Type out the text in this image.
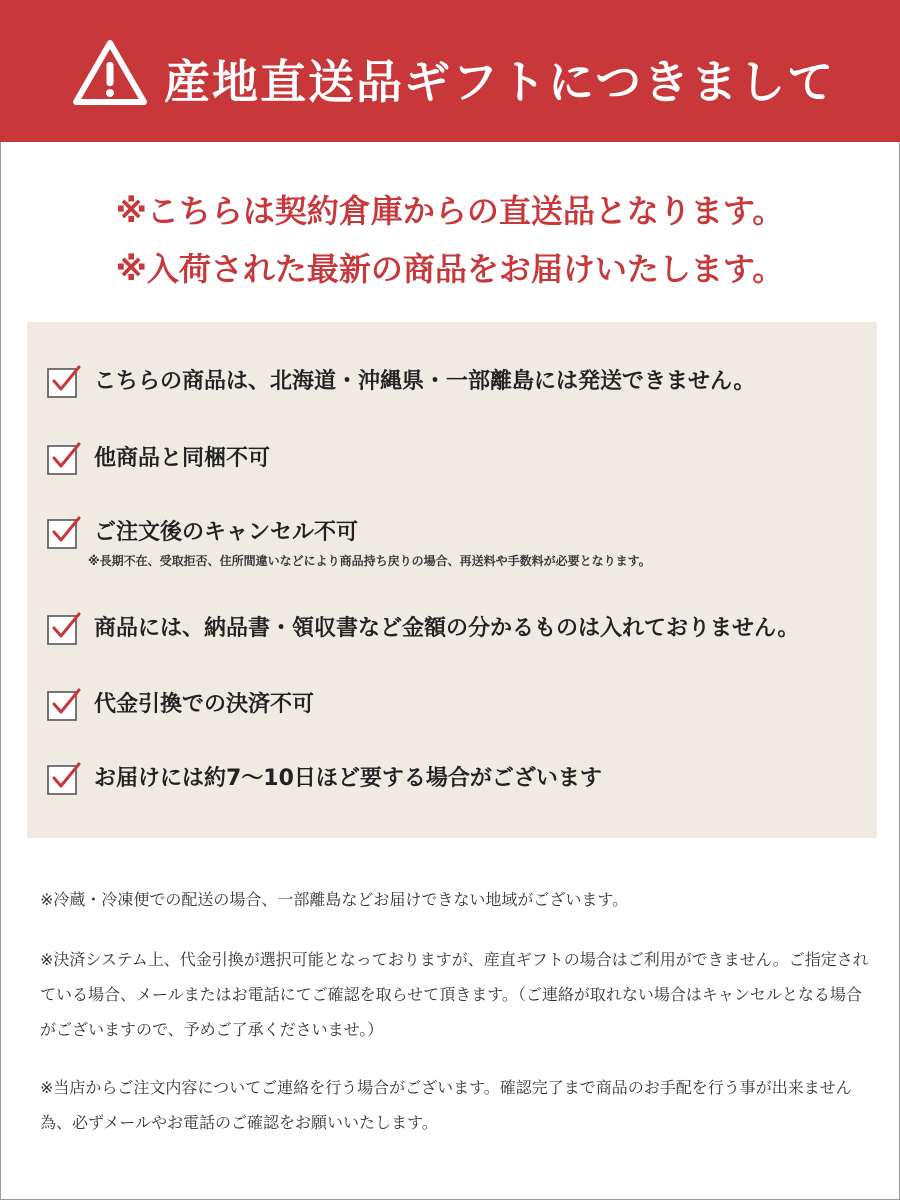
産地直送品ギフトにつきまして
※こちらは契約倉庫からの直送品となります。
※入荷された最新の商品をお届けいたします。
こちらの商品は、北海道・沖縄県・一部離島には発送できません。
他商品と同梱不可
ご注文後のキャンセル不可
※長期不在、受取拒否、住所間違いなどにより商品持ち戻りの場合、再送料や手数料が必要となります。
商品には、納品書・領収書など金額の分かるものは入れておりません。
代金引換での決済不可
お届けには約7〜10日ほど要する場合がございます
※冷蔵・冷凍便での配送の場合、一部離島などお届けできない地域がございます。
※決済システム上、代金引換が選択可能となっておりますが、産直ギフトの場合はご利用ができません。ご指定されている場合、メールまたはお電話にてご確認を取らせて頂きます。（ご連絡が取れない場合はキャンセルとなる場合がございますので、予めご了承くださいませ。）
※当店からご注文内容についてご連絡を行う場合がございます。確認完了まで商品のお手配を行う事が出来ません為、必ずメールやお電話のご確認をお願いいたします。
